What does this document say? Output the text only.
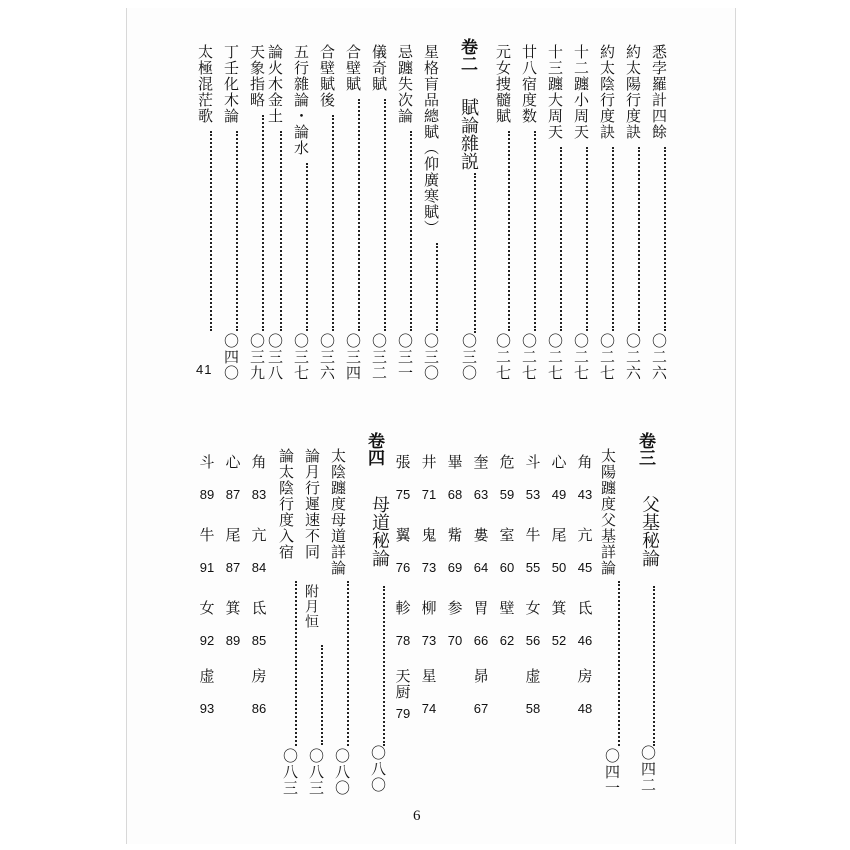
悉孛羅計四餘
〇二六
約太陽行度訣
〇二六
約太陰行度訣
〇二七
十二躔小周天
〇二七
十三躔大周天
〇二七
廿八宿度数
〇二七
元女捜髓賦
〇二七
星格肓品總賦（仰廣寒賦）
〇三〇
忌躔失次論
〇三一
儀奇賦
〇三二
合壁賦
〇三四
合壁賦後
〇三六
五行雜論・論水
〇三七
論火木金土
〇三八
天象指略
〇三九
丁壬化木論
〇四〇
太極混茫歌
41
卷二
賦論雜説
〇三〇
卷三
父基秘論
〇四二
太陽躔度父基詳論
〇四一
角
43
亢
45
氐
46
房
48
心
49
尾
50
箕
52
斗
53
牛
55
女
56
虚
58
危
59
室
60
壁
62
奎
63
婁
64
胃
66
昴
67
畢
68
觜
69
参
70
井
71
鬼
73
柳
73
星
74
張
75
翼
76
軫
78
天
厨
79
卷四
母道秘論
〇八〇
太陰躔度母道詳論
〇八〇
論月行遲速不同
附月恒
〇八三
論太陰行度入宿
〇八三
角
83
亢
84
氐
85
房
86
心
87
尾
87
箕
89
斗
89
牛
91
女
92
虚
93
6
